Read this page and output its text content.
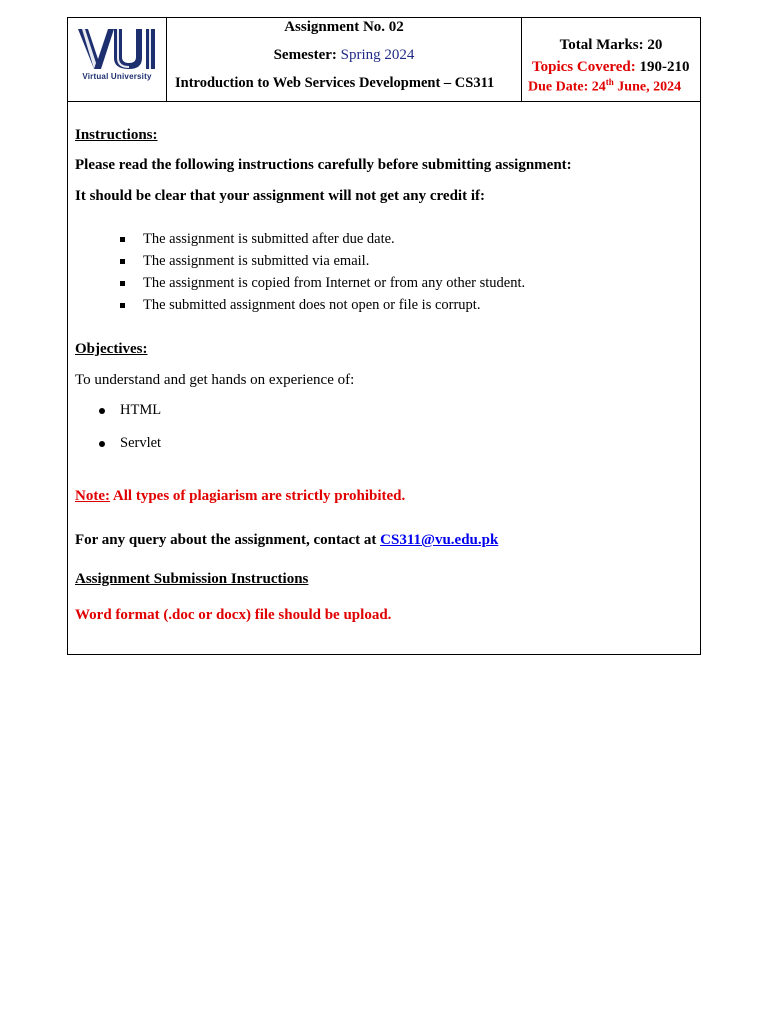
Virtual University
Assignment No. 02
Semester: Spring 2024
Introduction to Web Services Development – CS311
Total Marks: 20
Topics Covered: 190-210
Due Date: 24th June, 2024
Instructions:
Please read the following instructions carefully before submitting assignment:
It should be clear that your assignment will not get any credit if:
The assignment is submitted after due date.
The assignment is submitted via email.
The assignment is copied from Internet or from any other student.
The submitted assignment does not open or file is corrupt.
Objectives:
To understand and get hands on experience of:
HTML
Servlet
Note: All types of plagiarism are strictly prohibited.
For any query about the assignment, contact at CS311@vu.edu.pk
Assignment Submission Instructions
Word format (.doc or docx) file should be upload.
